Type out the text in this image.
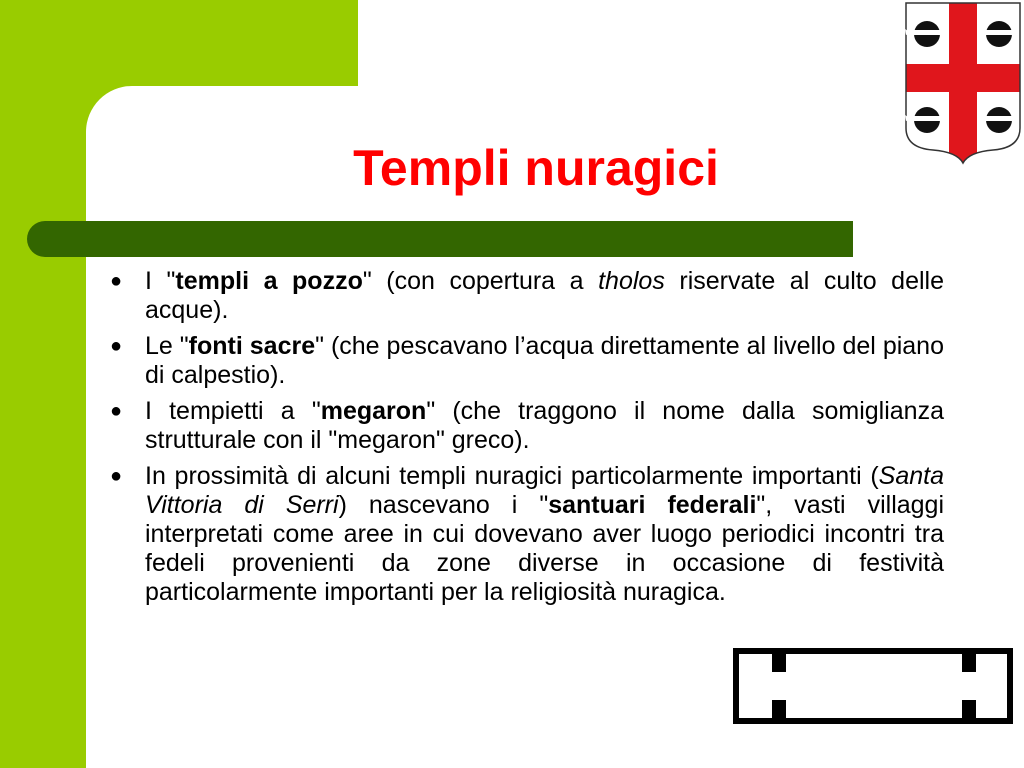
Templi nuragici
● I "templi a pozzo" (con copertura a tholos riservate al culto delle acque).
● Le "fonti sacre" (che pescavano l’acqua direttamente al livello del piano di calpestio).
● I tempietti a "megaron" (che traggono il nome dalla somiglianza strutturale con il "megaron" greco).
● In prossimità di alcuni templi nuragici particolarmente importanti (Santa Vittoria di Serri) nascevano i "santuari federali", vasti villaggi interpretati come aree in cui dovevano aver luogo periodici incontri tra fedeli provenienti da zone diverse in occasione di festività particolarmente importanti per la religiosità nuragica.
